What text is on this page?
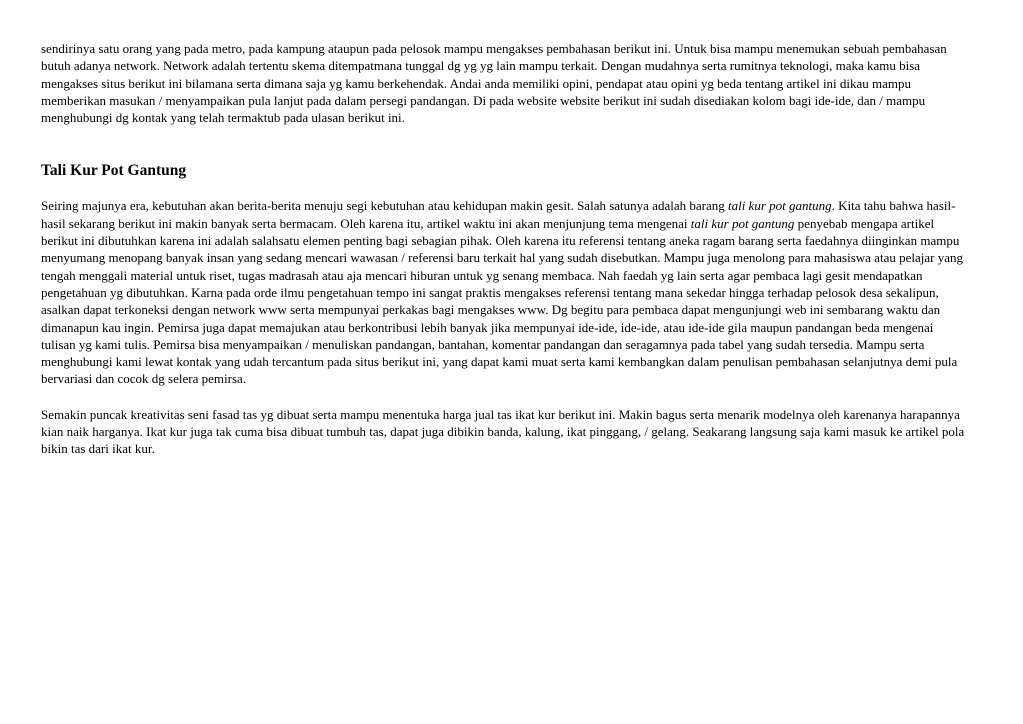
sendirinya satu orang yang pada metro, pada kampung ataupun pada pelosok mampu mengakses pembahasan berikut ini. Untuk bisa mampu menemukan sebuah pembahasan butuh adanya network. Network adalah tertentu skema ditempatmana tunggal dg yg yg lain mampu terkait. Dengan mudahnya serta rumitnya teknologi, maka kamu bisa mengakses situs berikut ini bilamana serta dimana saja yg kamu berkehendak. Andai anda memiliki opini, pendapat atau opini yg beda tentang artikel ini dikau mampu memberikan masukan / menyampaikan pula lanjut pada dalam persegi pandangan. Di pada website website berikut ini sudah disediakan kolom bagi ide-ide, dan / mampu menghubungi dg kontak yang telah termaktub pada ulasan berikut ini.

Tali Kur Pot Gantung

Seiring majunya era, kebutuhan akan berita-berita menuju segi kebutuhan atau kehidupan makin gesit. Salah satunya adalah barang tali kur pot gantung. Kita tahu bahwa hasil-hasil sekarang berikut ini makin banyak serta bermacam. Oleh karena itu, artikel waktu ini akan menjunjung tema mengenai tali kur pot gantung penyebab mengapa artikel berikut ini dibutuhkan karena ini adalah salahsatu elemen penting bagi sebagian pihak. Oleh karena itu referensi tentang aneka ragam barang serta faedahnya diinginkan mampu menyumang menopang banyak insan yang sedang mencari wawasan / referensi baru terkait hal yang sudah disebutkan. Mampu juga menolong para mahasiswa atau pelajar yang tengah menggali material untuk riset, tugas madrasah atau aja mencari hiburan untuk yg senang membaca. Nah faedah yg lain serta agar pembaca lagi gesit mendapatkan pengetahuan yg dibutuhkan. Karna pada orde ilmu pengetahuan tempo ini sangat praktis mengakses referensi tentang mana sekedar hingga terhadap pelosok desa sekalipun, asalkan dapat terkoneksi dengan network www serta mempunyai perkakas bagi mengakses www. Dg begitu para pembaca dapat mengunjungi web ini sembarang waktu dan dimanapun kau ingin. Pemirsa juga dapat memajukan atau berkontribusi lebih banyak jika mempunyai ide-ide, ide-ide, atau ide-ide gila maupun pandangan beda mengenai tulisan yg kami tulis. Pemirsa bisa menyampaikan / menuliskan pandangan, bantahan, komentar pandangan dan seragamnya pada tabel yang sudah tersedia. Mampu serta menghubungi kami lewat kontak yang udah tercantum pada situs berikut ini, yang dapat kami muat serta kami kembangkan dalam penulisan pembahasan selanjutnya demi pula bervariasi dan cocok dg selera pemirsa.

Semakin puncak kreativitas seni fasad tas yg dibuat serta mampu menentuka harga jual tas ikat kur berikut ini. Makin bagus serta menarik modelnya oleh karenanya harapannya kian naik harganya. Ikat kur juga tak cuma bisa dibuat tumbuh tas, dapat juga dibikin banda, kalung, ikat pinggang, / gelang. Seakarang langsung saja kami masuk ke artikel pola bikin tas dari ikat kur.
